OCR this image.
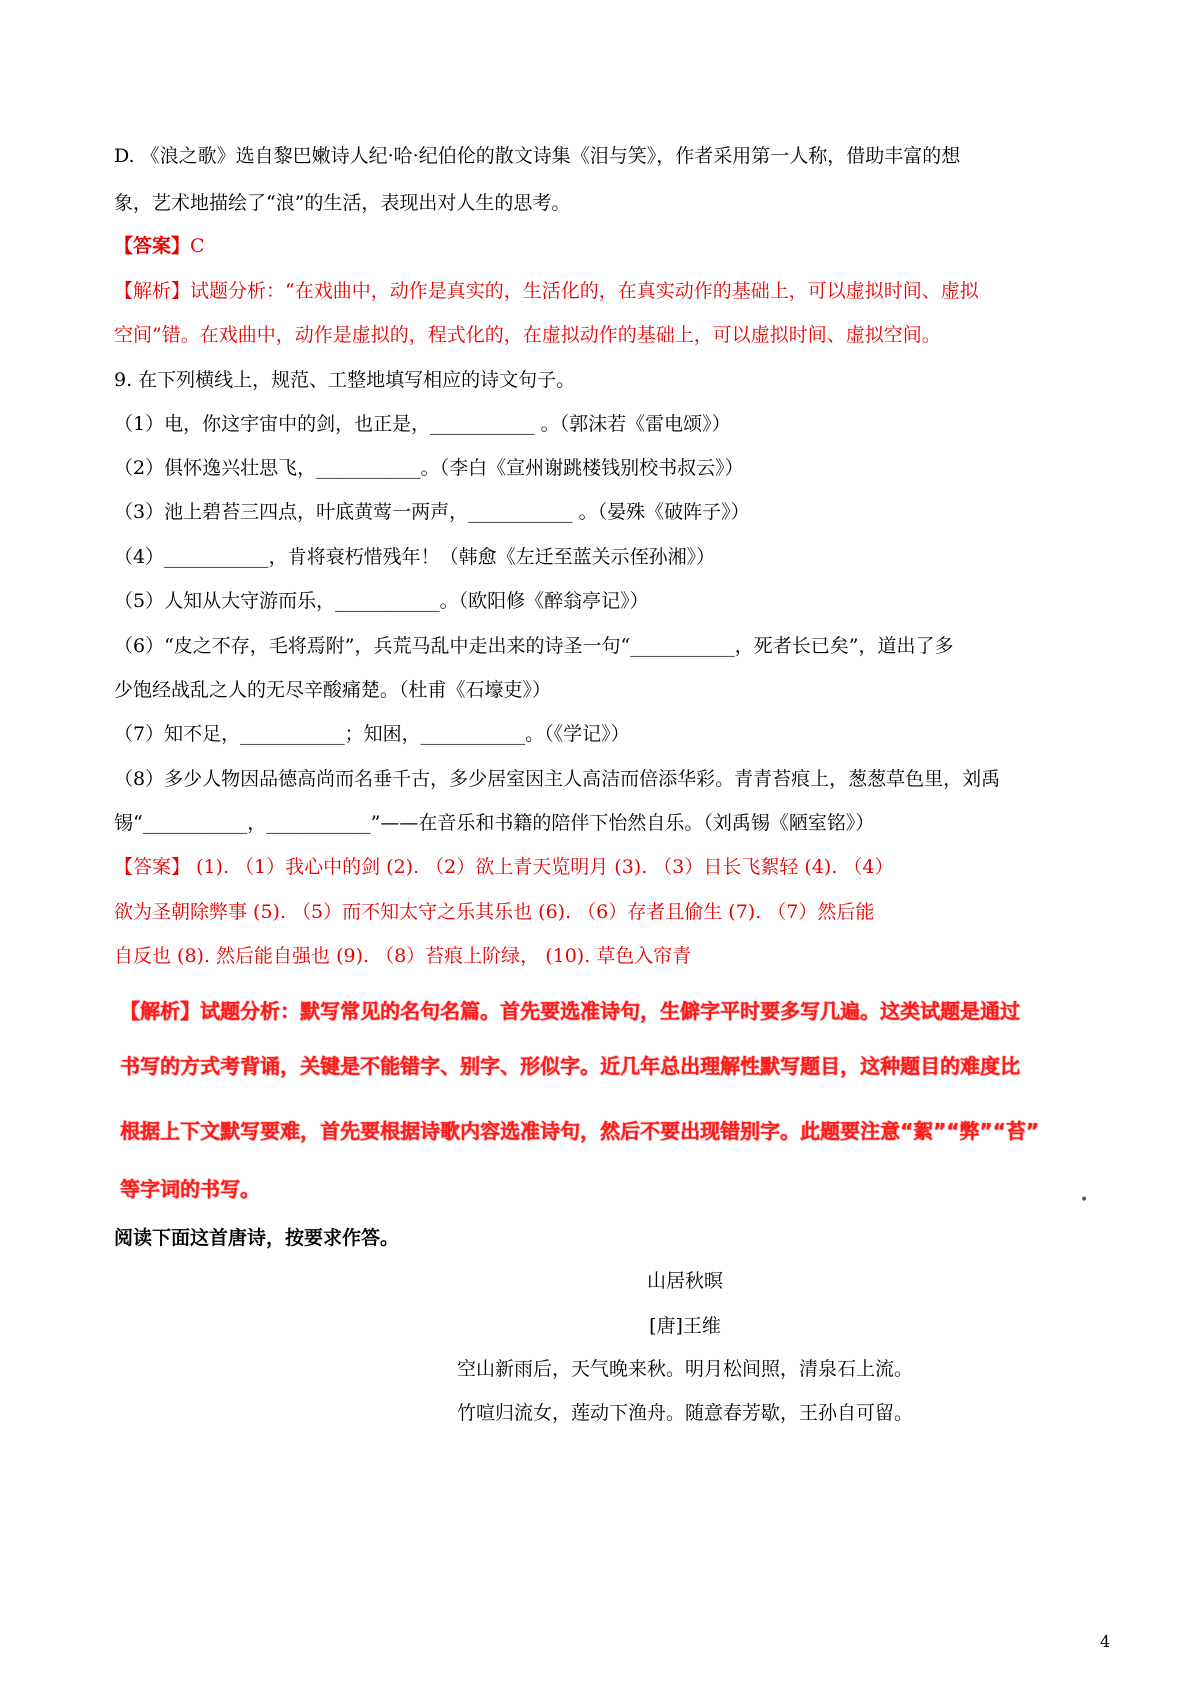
D. 《浪之歌》选自黎巴嫩诗人纪·哈·纪伯伦的散文诗集《泪与笑》，作者采用第一人称，借助丰富的想
象，艺术地描绘了“浪”的生活，表现出对人生的思考。
【答案】C
【解析】试题分析：“在戏曲中，动作是真实的，生活化的，在真实动作的基础上，可以虚拟时间、虚拟
空间”错。在戏曲中，动作是虚拟的，程式化的，在虚拟动作的基础上，可以虚拟时间、虚拟空间。
9. 在下列横线上，规范、工整地填写相应的诗文句子。
（1）电，你这宇宙中的剑，也正是，___________ 。（郭沫若《雷电颂》）
（2）俱怀逸兴壮思飞，___________。（李白《宣州谢跳楼钱别校书叔云》）
（3）池上碧苔三四点，叶底黄莺一两声，___________ 。（晏殊《破阵子》）
（4）___________，肯将衰朽惜残年！（韩愈《左迁至蓝关示侄孙湘》）
（5）人知从大守游而乐，___________。（欧阳修《醉翁亭记》）
（6）“皮之不存，毛将焉附”，兵荒马乱中走出来的诗圣一句“___________，死者长已矣”，道出了多
少饱经战乱之人的无尽辛酸痛楚。（杜甫《石壕吏》）
（7）知不足，___________；知困，___________。（《学记》）
（8）多少人物因品德高尚而名垂千古，多少居室因主人高洁而倍添华彩。青青苔痕上，葱葱草色里，刘禹
锡“___________，___________”——在音乐和书籍的陪伴下怡然自乐。（刘禹锡《陋室铭》）
【答案】 (1). （1）我心中的剑 (2). （2）欲上青天览明月 (3). （3）日长飞絮轻 (4). （4）
欲为圣朝除弊事 (5). （5）而不知太守之乐其乐也 (6). （6）存者且偷生 (7). （7）然后能
自反也 (8). 然后能自强也 (9). （8）苔痕上阶绿， (10). 草色入帘青
【解析】试题分析：默写常见的名句名篇。首先要选准诗句，生僻字平时要多写几遍。这类试题是通过
书写的方式考背诵，关键是不能错字、别字、形似字。近几年总出理解性默写题目，这种题目的难度比
根据上下文默写要难，首先要根据诗歌内容选准诗句，然后不要出现错别字。此题要注意“絮”“弊”“苔”
等字词的书写。	•
阅读下面这首唐诗，按要求作答。
山居秋暝
[唐]王维
空山新雨后，天气晚来秋。明月松间照，清泉石上流。
竹喧归流女，莲动下渔舟。随意春芳歇，王孙自可留。
4
